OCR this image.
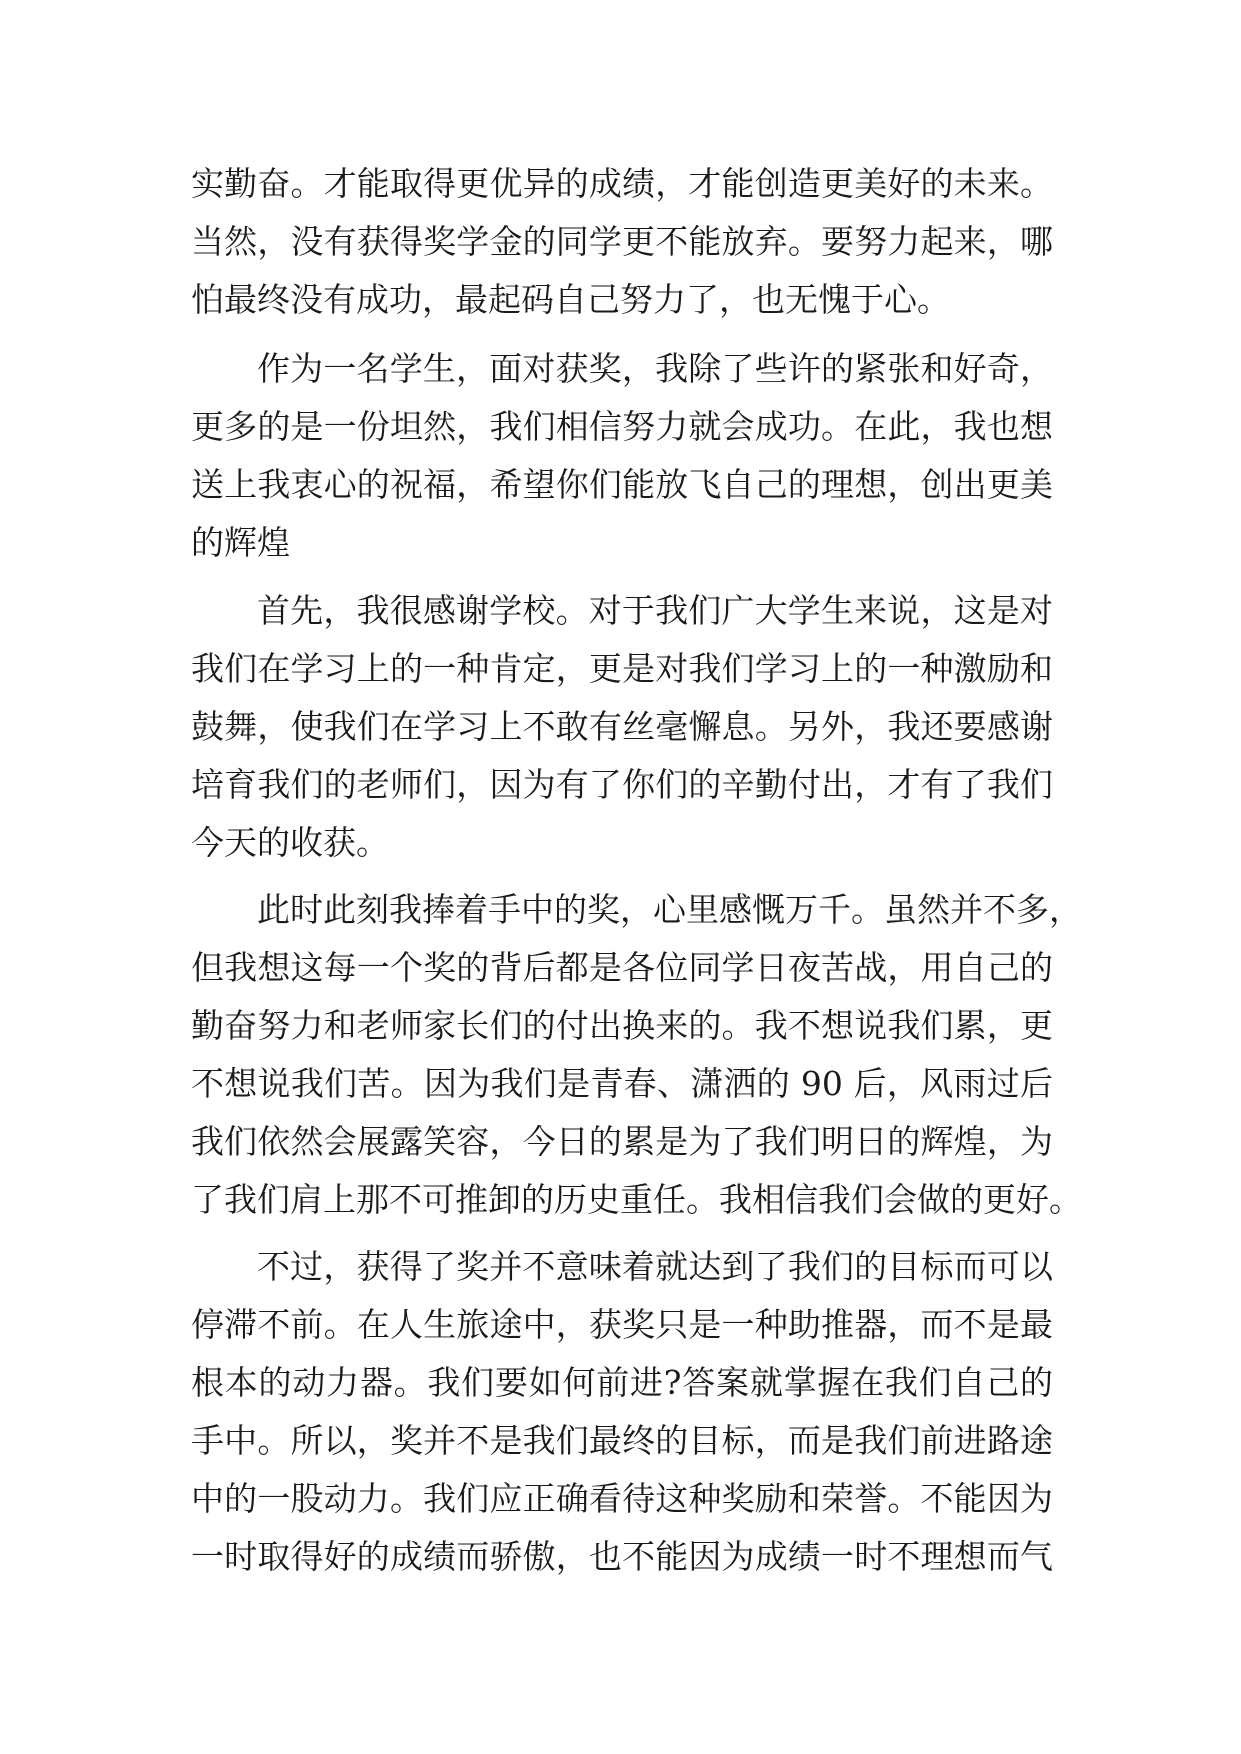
实勤奋。才能取得更优异的成绩，才能创造更美好的未来。
当然，没有获得奖学金的同学更不能放弃。要努力起来，哪
怕最终没有成功，最起码自己努力了，也无愧于心。
作为一名学生，面对获奖，我除了些许的紧张和好奇，
更多的是一份坦然，我们相信努力就会成功。在此，我也想
送上我衷心的祝福，希望你们能放飞自己的理想，创出更美
的辉煌
首先，我很感谢学校。对于我们广大学生来说，这是对
我们在学习上的一种肯定，更是对我们学习上的一种激励和
鼓舞，使我们在学习上不敢有丝毫懈息。另外，我还要感谢
培育我们的老师们，因为有了你们的辛勤付出，才有了我们
今天的收获。
此时此刻我捧着手中的奖，心里感慨万千。虽然并不多，
但我想这每一个奖的背后都是各位同学日夜苦战，用自己的
勤奋努力和老师家长们的付出换来的。我不想说我们累，更
不想说我们苦。因为我们是青春、潇洒的 90 后，风雨过后
我们依然会展露笑容，今日的累是为了我们明日的辉煌，为
了我们肩上那不可推卸的历史重任。我相信我们会做的更好。
不过，获得了奖并不意味着就达到了我们的目标而可以
停滞不前。在人生旅途中，获奖只是一种助推器，而不是最
根本的动力器。我们要如何前进?答案就掌握在我们自己的
手中。所以，奖并不是我们最终的目标，而是我们前进路途
中的一股动力。我们应正确看待这种奖励和荣誉。不能因为
一时取得好的成绩而骄傲，也不能因为成绩一时不理想而气
